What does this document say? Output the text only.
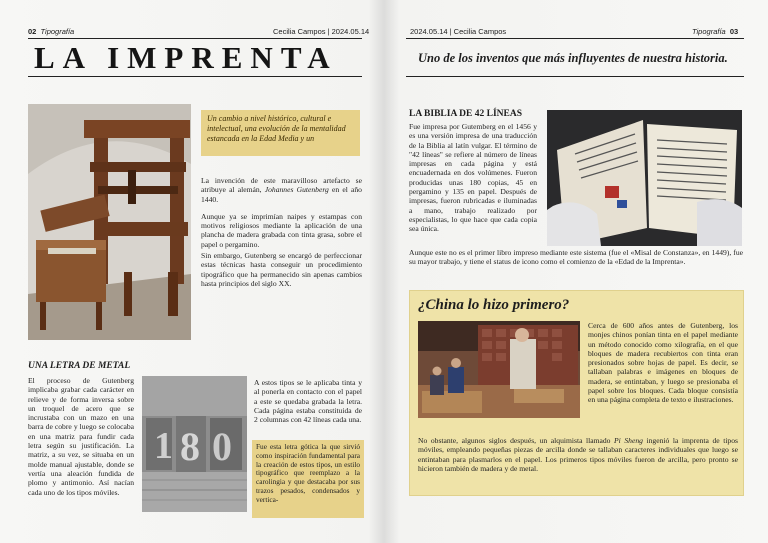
02 Tipografía	Cecilia Campos | 2024.05.14
LA IMPRENTA
Un cambio a nivel histórico, cultural e intelectual, una evolución de la mentalidad estancada en la Edad Media y un

La invención de este maravilloso artefacto se atribuye al alemán, Johannes Gutenberg en el año 1440.

Aunque ya se imprimían naipes y estampas con motivos religiosos mediante la aplicación de una plancha de madera grabada con tinta grasa, sobre el papel o pergamino.

Sin embargo, Gutenberg se encargó de perfeccionar estas técnicas hasta conseguir un procedimiento tipográfico que ha permanecido sin apenas cambios hasta principios del siglo XX.

UNA LETRA DE METAL
El proceso de Gutenberg implicaba grabar cada carácter en relieve y de forma inversa sobre un troquel de acero que se incrustaba con un mazo en una barra de cobre y luego se colocaba en una matriz para fundir cada letra según su justificación. La matriz, a su vez, se situaba en un molde manual ajustable, donde se vertía una aleación fundida de plomo y antimonio. Así nacían cada uno de los tipos móviles.
1 8 0
A estos tipos se le aplicaba tinta y al ponerla en contacto con el papel a este se quedaba grabada la letra. Cada página estaba constituida de 2 columnas con 42 líneas cada una.
Fue esta letra gótica la que sirvió como inspiración fundamental para la creación de estos tipos, un estilo tipográfico que reemplazo a la carolingia y que destacaba por sus trazos pesados, condensados y vertica-
2024.05.14 | Cecilia Campos	Tipografía 03
Uno de los inventos que más influyentes de nuestra historia.
LA BIBLIA DE 42 LÍNEAS
Fue impresa por Gutemberg en el 1456 y es una versión impresa de una traducción de la Biblia al latín vulgar. El término de "42 líneas" se refiere al número de líneas impresas en cada página y está encuadernada en dos volúmenes. Fueron producidas unas 180 copias, 45 en pergamino y 135 en papel. Después de impresas, fueron rubricadas e iluminadas a mano, trabajo realizado por especialistas, lo que hace que cada copia sea única.
Aunque este no es el primer libro impreso mediante este sistema (fue el «Misal de Constanza», en 1449), fue su mayor trabajo, y tiene el status de icono como el comienzo de la «Edad de la Imprenta».
¿China lo hizo primero?
Cerca de 600 años antes de Gutenberg, los monjes chinos ponían tinta en el papel mediante un método conocido como xilografía, en el que bloques de madera recubiertos con tinta eran presionados sobre hojas de papel. Es decir, se tallaban palabras e imágenes en bloques de madera, se entintaban, y luego se presionaba el papel sobre los bloques. Cada bloque consistía en una página completa de texto e ilustraciones.
No obstante, algunos siglos después, un alquimista llamado Pi Sheng ingenió la imprenta de tipos móviles, empleando pequeñas piezas de arcilla donde se tallaban caracteres individuales que luego se entintaban para plasmarlos en el papel. Los primeros tipos móviles fueron de arcilla, pero pronto se hicieron también de madera y de metal.
